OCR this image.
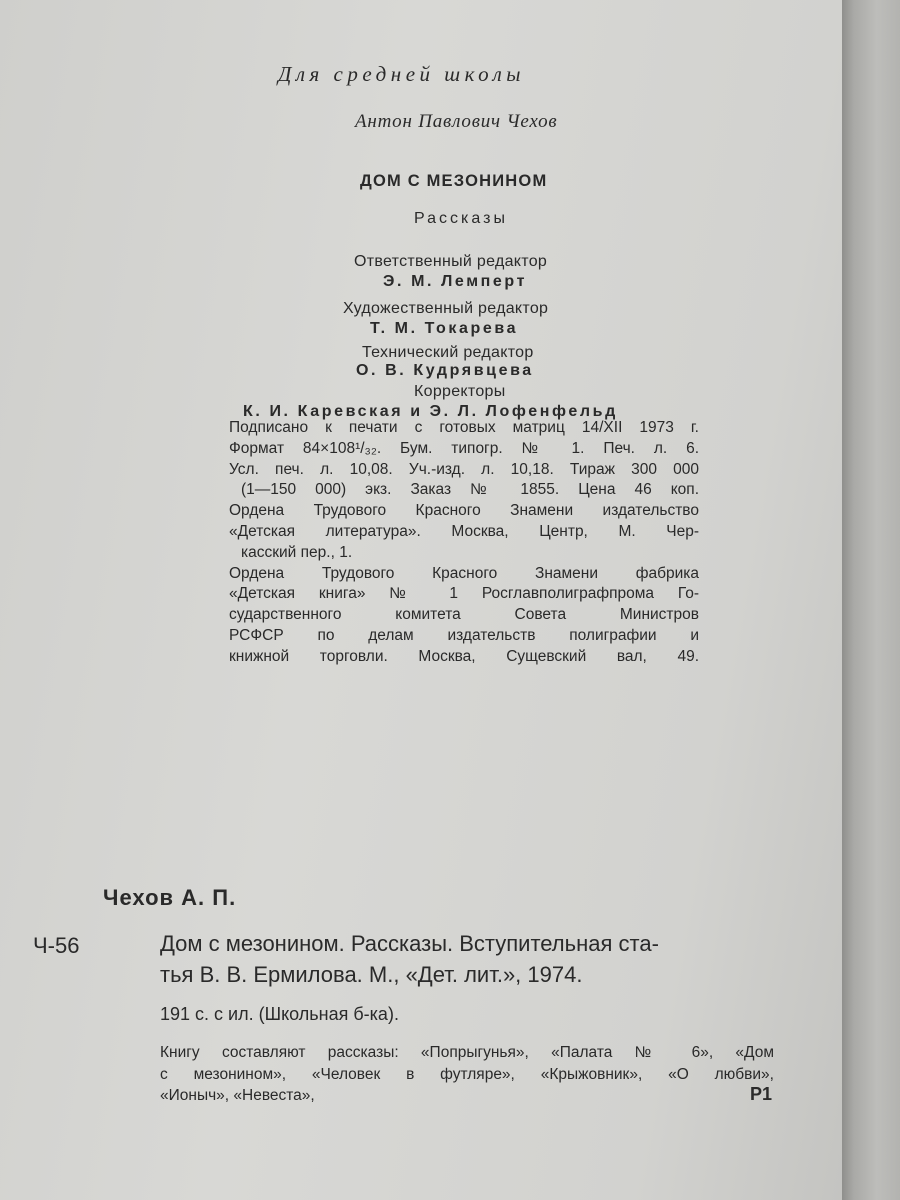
Для средней школы
Антон Павлович Чехов
ДОМ С МЕЗОНИНОМ
Рассказы
Ответственный редактор
Э. М. Лемперт
Художественный редактор
Т. М. Токарева
Технический редактор
О. В. Кудрявцева
Корректоры
К. И. Каревская и Э. Л. Лофенфельд
Подписано к печати с готовых матриц 14/XII 1973 г.
Формат 84×108¹/₃₂. Бум. типогр. № 1. Печ. л. 6.
Усл. печ. л. 10,08. Уч.-изд. л. 10,18. Тираж 300 000
(1—150 000) экз. Заказ № 1855. Цена 46 коп.
Ордена Трудового Красного Знамени издательство
«Детская литература». Москва, Центр, М. Чер-
касский пер., 1.
Ордена Трудового Красного Знамени фабрика
«Детская книга» № 1 Росглавполиграфпрома Го-
сударственного комитета Совета Министров
РСФСР по делам издательств полиграфии и
книжной торговли. Москва, Сущевский вал, 49.
Чехов А. П.
Ч-56	Дом с мезонином. Рассказы. Вступительная ста-
тья В. В. Ермилова. М., «Дет. лит.», 1974.
191 с. с ил. (Школьная б-ка).
Книгу составляют рассказы: «Попрыгунья», «Палата № 6», «Дом
с мезонином», «Человек в футляре», «Крыжовник», «О любви»,
«Ионыч», «Невеста»,	Р1
